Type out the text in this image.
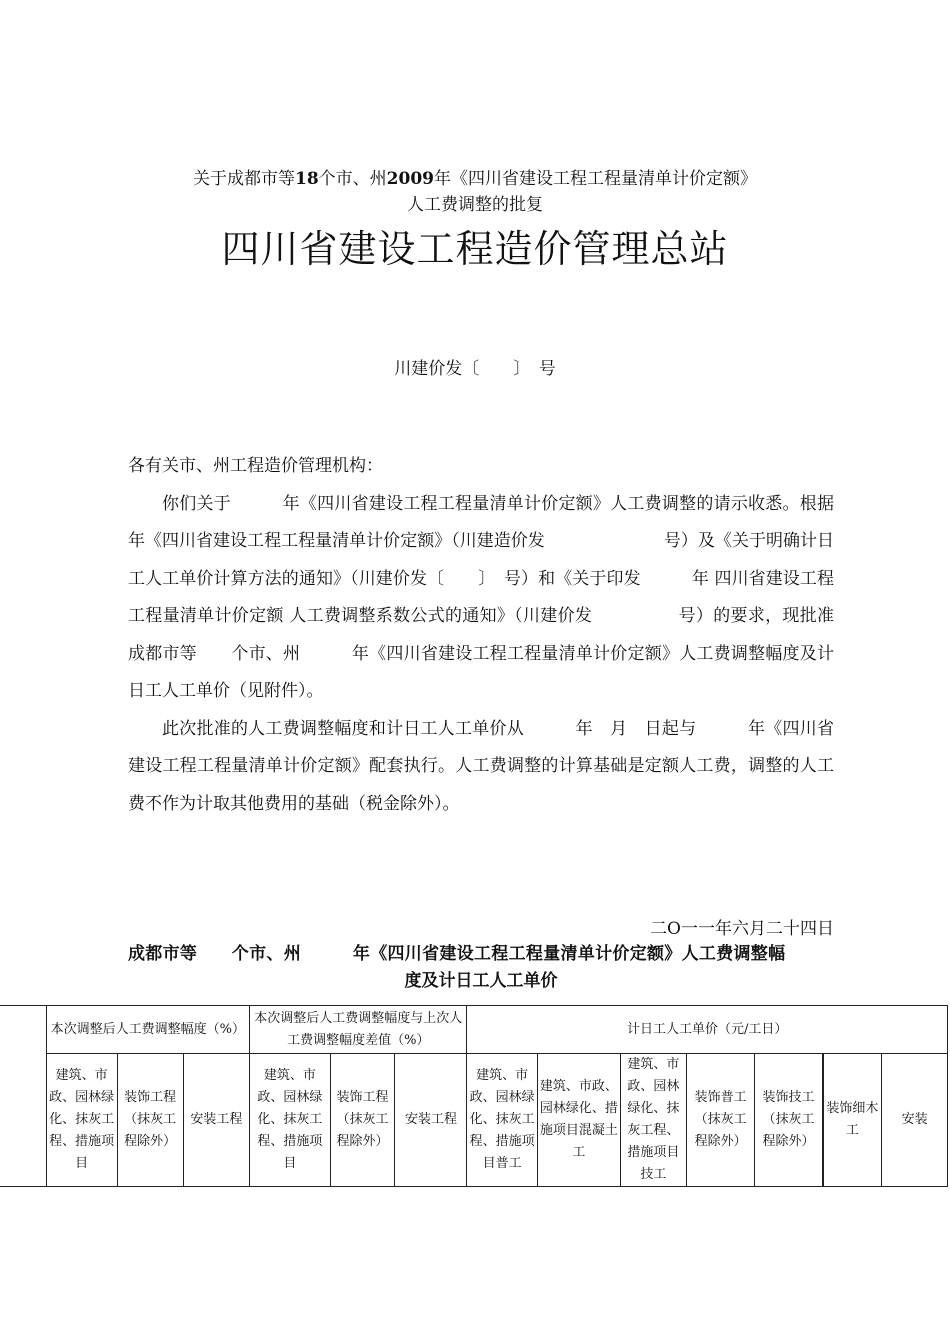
关于成都市等18个市、州2009年《四川省建设工程工程量清单计价定额》
人工费调整的批复
四川省建设工程造价管理总站
川建价发〔　　〕　号

各有关市、州工程造价管理机构：

你们关于　　　年《四川省建设工程工程量清单计价定额》人工费调整的请示收悉。根据　　　年《四川省建设工程工程量清单计价定额》（川建造价发　　　　　　　号）及《关于明确计日工人工单价计算方法的通知》（川建价发〔　　〕　号）和《关于印发　　　年 四川省建设工程工程量清单计价定额 人工费调整系数公式的通知》（川建价发　　　　　号）的要求，现批准成都市等　　个市、州　　　年《四川省建设工程工程量清单计价定额》人工费调整幅度及计日工人工单价（见附件）。

此次批准的人工费调整幅度和计日工人工单价从　　　年　月　日起与　　　年《四川省建设工程工程量清单计价定额》配套执行。人工费调整的计算基础是定额人工费，调整的人工费不作为计取其他费用的基础（税金除外）。

二O一一年六月二十四日
成都市等　　个市、州　　　年《四川省建设工程工程量清单计价定额》人工费调整幅
度及计日工人工单价
	本次调整后人工费调整幅度（%）			本次调整后人工费调整幅度与上次人工费调整幅度差值（%）			计日工人工单价（元/工日）						
	建筑、市政、园林绿化、抹灰工程、措施项目	装饰工程（抹灰工程除外）	安装工程	建筑、市政、园林绿化、抹灰工程、措施项目	装饰工程（抹灰工程除外）	安装工程	建筑、市政、园林绿化、抹灰工程、措施项目普工	建筑、市政、园林绿化、措施项目混凝土工	建筑、市政、园林绿化、抹灰工程、措施项目技工	装饰普工（抹灰工程除外）	装饰技工（抹灰工程除外）	装饰细木工	安装
